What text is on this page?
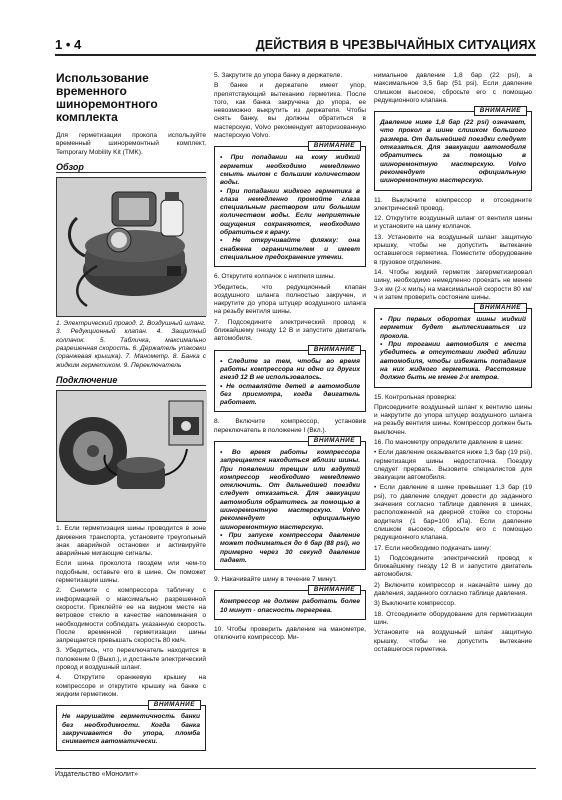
1 • 4	ДЕЙСТВИЯ В ЧРЕЗВЫЧАЙНЫХ СИТУАЦИЯХ
Использование временного шиноремонтного комплекта

Для герметизации прокола используйте временный шиноремонтный комплект, Temporary Mobility Kit (TMK).

Обзор

1. Электрический провод. 2. Воздушный шланг. 3. Редукционный клапан. 4. Защитный колпачок. 5. Табличка, максимально разрешенная скорость. 6. Держатель упаковки (оранжевая крышка). 7. Манометр. 8. Банка с жидким герметиком. 9. Переключатель

Подключение

1. Если герметизация шины проводится в зоне движения транспорта, установите треугольный знак аварийной остановки и активируйте аварийные мигающие сигналы.

Если шина проколота гвоздем или чем-то подобным, оставьте его в шине. Он поможет герметизации шины.

2. Снимите с компрессора табличку с информацией о максимально разрешенной скорости. Приклейте ее на видном месте на ветровое стекло в качестве напоминания о необходимости соблюдать указанную скорость. После временной герметизации шины запрещается превышать скорость 80 км/ч.

3. Убедитесь, что переключатель находится в положении 0 (Выкл.), и достаньте электрический провод и воздушный шланг.

4. Открутите оранжевую крышку на компрессоре и открутите крышку на банке с жидким герметиком.

ВНИМАНИЕ
Не нарушайте герметичность банки без необходимости. Когда банка закручивается до упора, пломба снимается автоматически.

5. Закрутите до упора банку в держателе.

В банке и держателе имеет упор, препятствующий вытеканию герметика. После того, как банка закручена до упора, ее невозможно выкрутить из держателя. Чтобы снять банку, вы должны обратиться в мастерскую, Volvo рекомендует авторизованную мастерскую Volvo.

ВНИМАНИЕ
• При попадании на кожу жидкий герметик необходимо немедленно смыть мылом с большим количеством воды.
• При попадании жидкого герметика в глаза немедленно промойте глаза специальным раствором или большим количеством воды. Если неприятные ощущения сохраняются, необходимо обратиться к врачу.
• Не откручивайте фляжку: она снабжена ограничителем и имеет специальное предохранение утечки.

6. Открутите колпачок с ниппеля шины.

Убедитесь, что редукционный клапан воздушного шланга полностью закручен, и накрутите до упора штуцер воздушного шланга на резьбу вентиля шины.

7. Подсоедините электрический провод к ближайшему гнезду 12 В и запустите двигатель автомобиля.

ВНИМАНИЕ
• Следите за тем, чтобы во время работы компрессора ни одно из других гнезд 12 В не использовалось.
• Не оставляйте детей в автомобиле без присмотра, когда двигатель работает.

8. Включите компрессор, установив переключатель в положение I (Вкл.).

ВНИМАНИЕ
• Во время работы компрессора запрещается находиться вблизи шины. При появлении трещин или вздутий компрессор необходимо немедленно отключить. От дальнейшей поездки следует отказаться. Для эвакуации автомобиля обратитесь за помощью в шиноремонтную мастерскую. Volvo рекомендует официальную шиноремонтную мастерскую.
• При запуске компрессора давление может подниматься до 6 бар (88 psi), но примерно через 30 секунд давление падает.

9. Накачивайте шину в течение 7 минут.

ВНИМАНИЕ
Компрессор не должен работать более 10 минут - опасность перегрева.

10. Чтобы проверить давление на манометре, отключите компрессор. Ми-

нимальное давление 1,8 бар (22 psi), а максимальное 3,5 бар (51 psi). Если давление слишком высокое, сбросьте его с помощью редукционного клапана.

ВНИМАНИЕ
Давление ниже 1,8 бар (22 psi) означает, что прокол в шине слишком большого размера. От дальнейшей поездки следует отказаться. Для эвакуации автомобиля обратитесь за помощью в шиноремонтную мастерскую. Volvo рекомендует официальную шиноремонтную мастерскую.

11. Выключите компрессор и отсоедините электрический провод.

12. Открутите воздушный шланг от вентиля шины и установите на шину колпачок.

13. Установите на воздушный шланг защитную крышку, чтобы не допустить вытекание оставшегося герметика. Поместите оборудование в грузовое отделение.

14. Чтобы жидкий герметик загерметизировал шину, необходимо немедленно проехать не менее 3-х км (2-х миль) на максимальной скорости 80 км/ч и затем проверить состояние шины.

ВНИМАНИЕ
• При первых оборотах шины жидкий герметик будет выплескиваться из прокола.
• При трогании автомобиля с места убедитесь в отсутствии людей вблизи автомобиля, чтобы избежать попадания на них жидкого герметика. Расстояние должно быть не менее 2-х метров.

15. Контрольная проверка:

Присоедините воздушный шланг к вентилю шины и накрутите до упора штуцер воздушного шланга на резьбу вентиля шины. Компрессор должен быть выключен.

16. По манометру определите давление в шине:

• Если давление оказывается ниже 1,3 бар (19 psi), герметизация шины недостаточна. Поездку следует прервать. Вызовите специалистов для эвакуации автомобиля.

• Если давление в шине превышает 1,3 бар (19 psi), то давление следует довести до заданного значения согласно таблице давления в шинах, расположенной на дверной стойке со стороны водителя (1 бар=100 кПа). Если давление слишком высокое, сбросьте его с помощью редукционного клапана.

17. Если необходимо подкачать шину:

1) Подсоедините электрический провод к ближайшему гнезду 12 В и запустите двигатель автомобиля.

2) Включите компрессор и накачайте шину до давления, заданного согласно таблице давления.

3) Выключите компрессор.

18. Отсоедините оборудование для герметизации шин.

Установите на воздушный шланг защитную крышку, чтобы не допустить вытекание оставшегося герметика.

Издательство «Монолит»
